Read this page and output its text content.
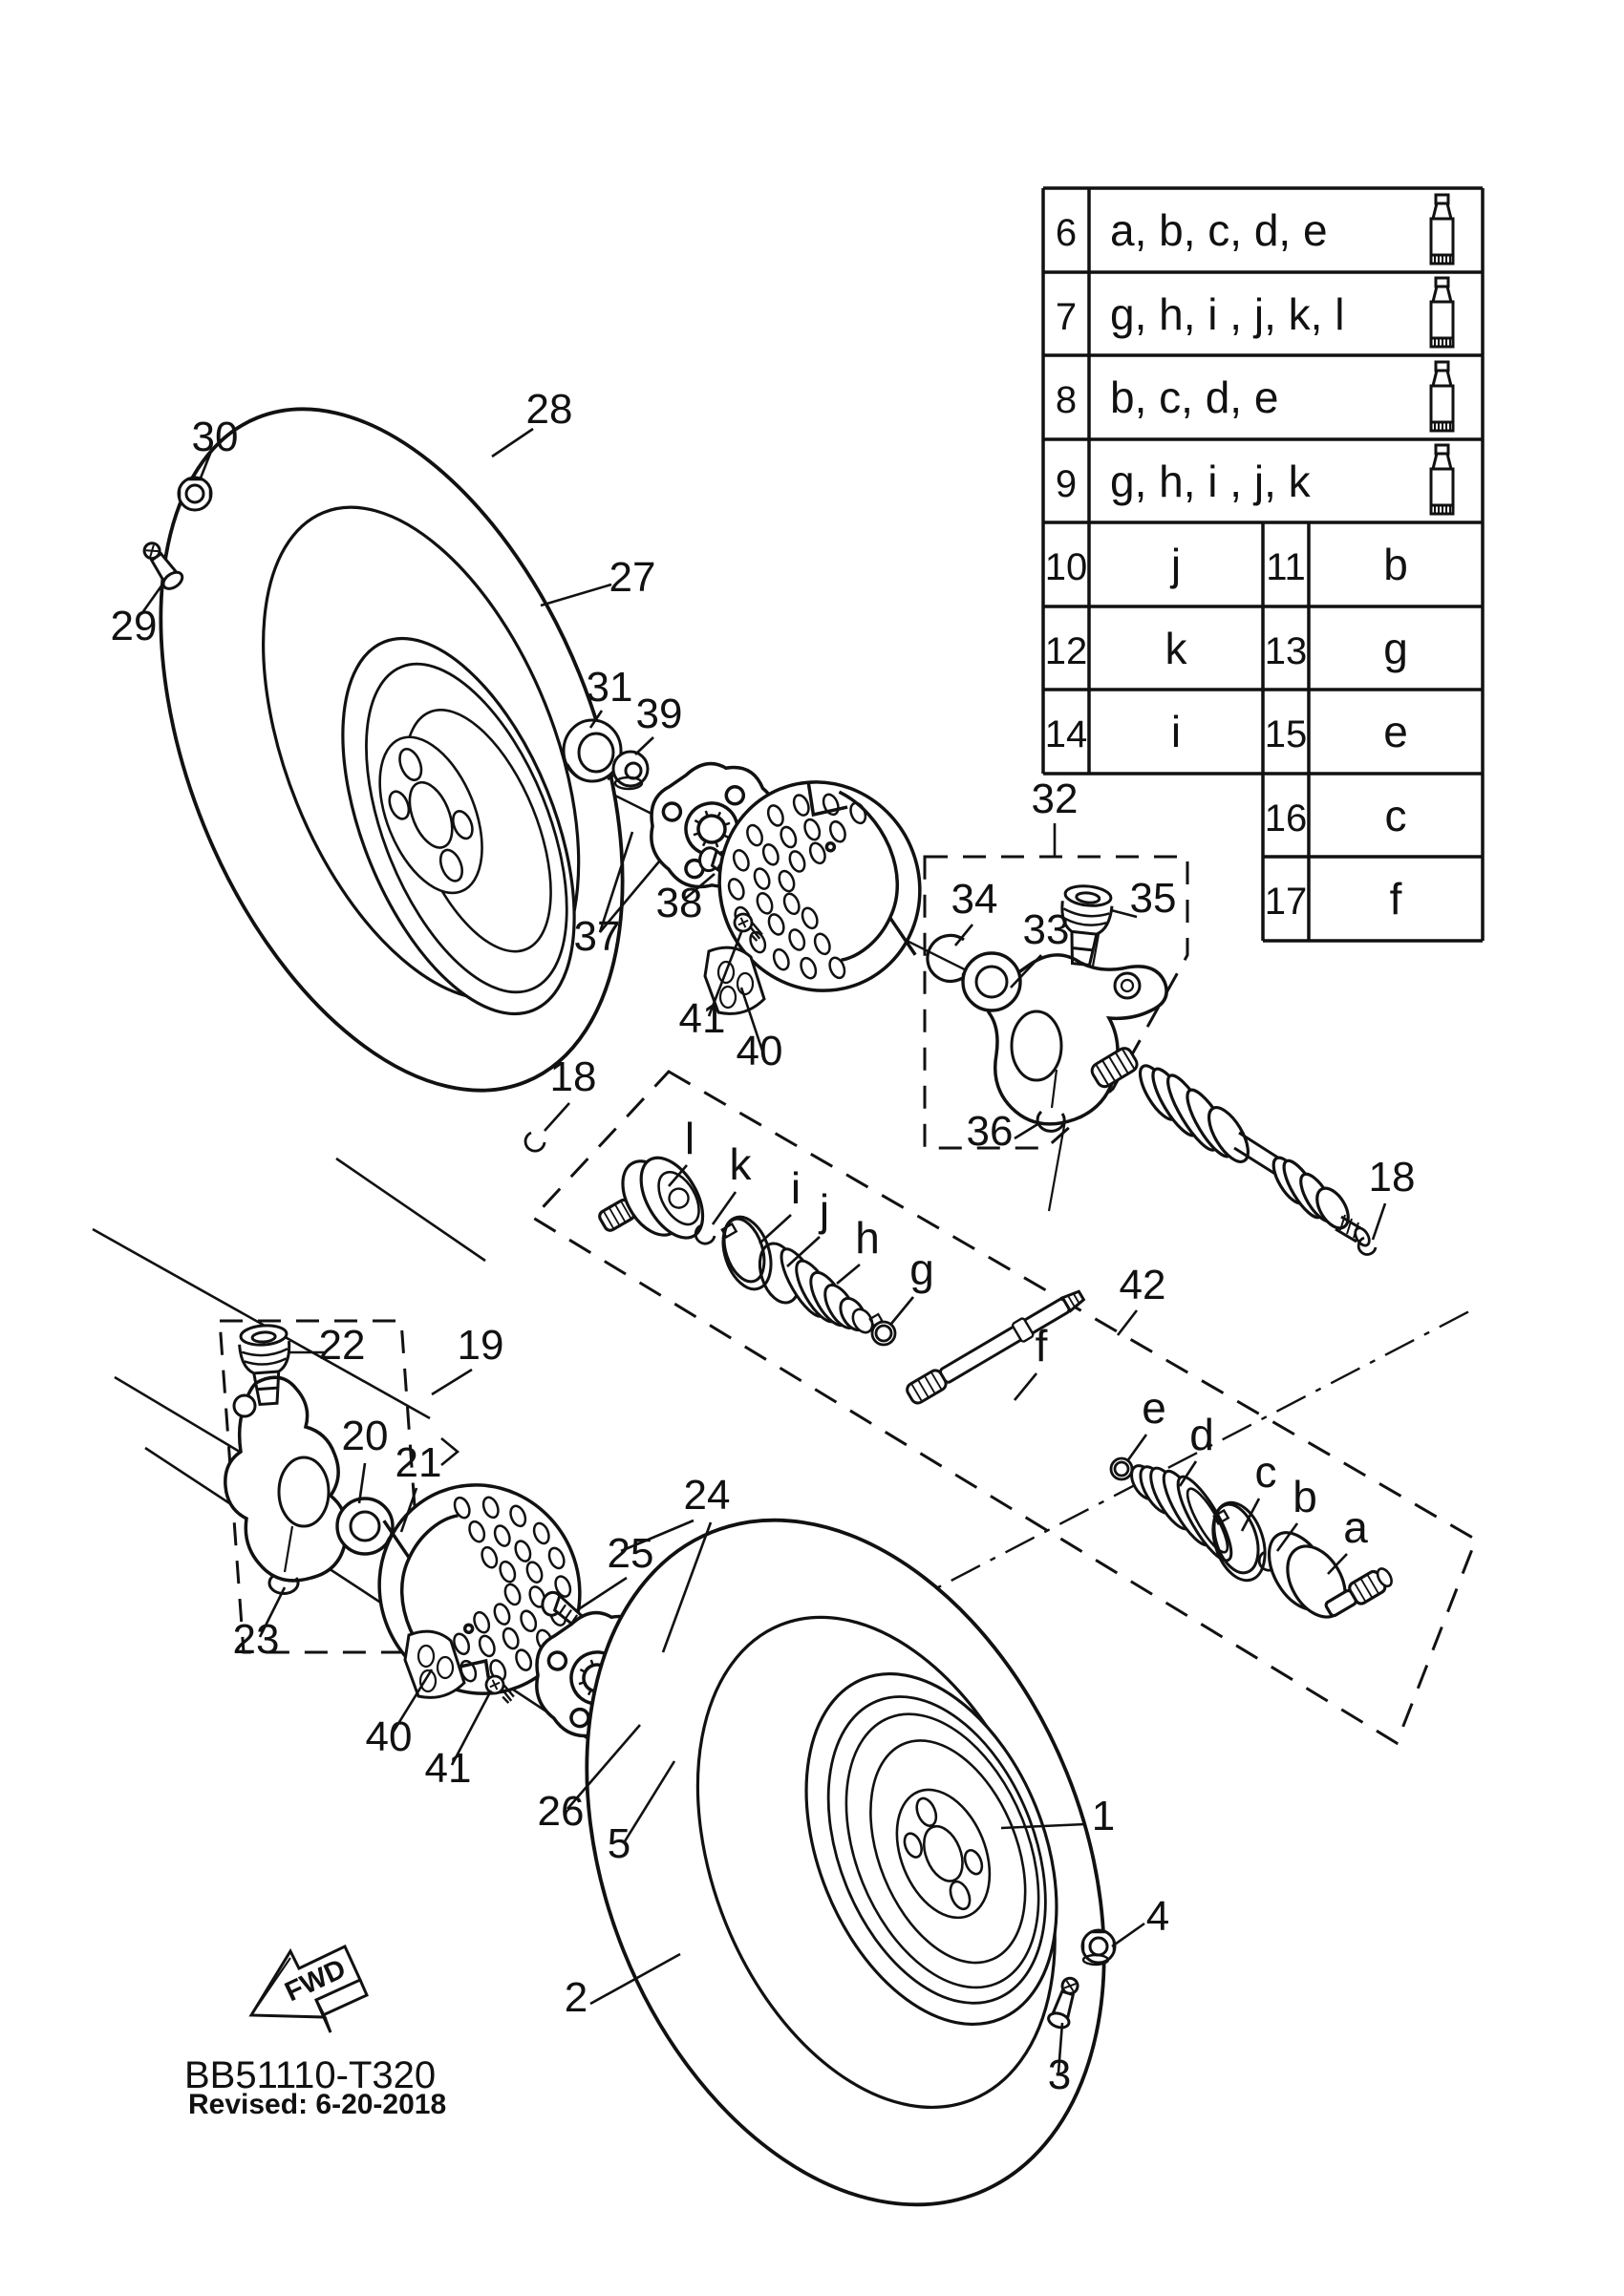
6 a, b, c, d, e
7 g, h, i , j, k, l
8 b, c, d, e
9 g, h, i , j, k
10 j 11 b
12 k 13 g
14 i 15 e
16 c
17 f
1
2
3
4
5
18
18
19
20
21
22
23
24
25
26
27
28
29
30
31
32
33
34	35
36
37
38
39
40
40
41
41
42
a
b
c
d
e
f
g
h
i j
k
l
FWD
BB51110-T320
Revised: 6-20-2018
